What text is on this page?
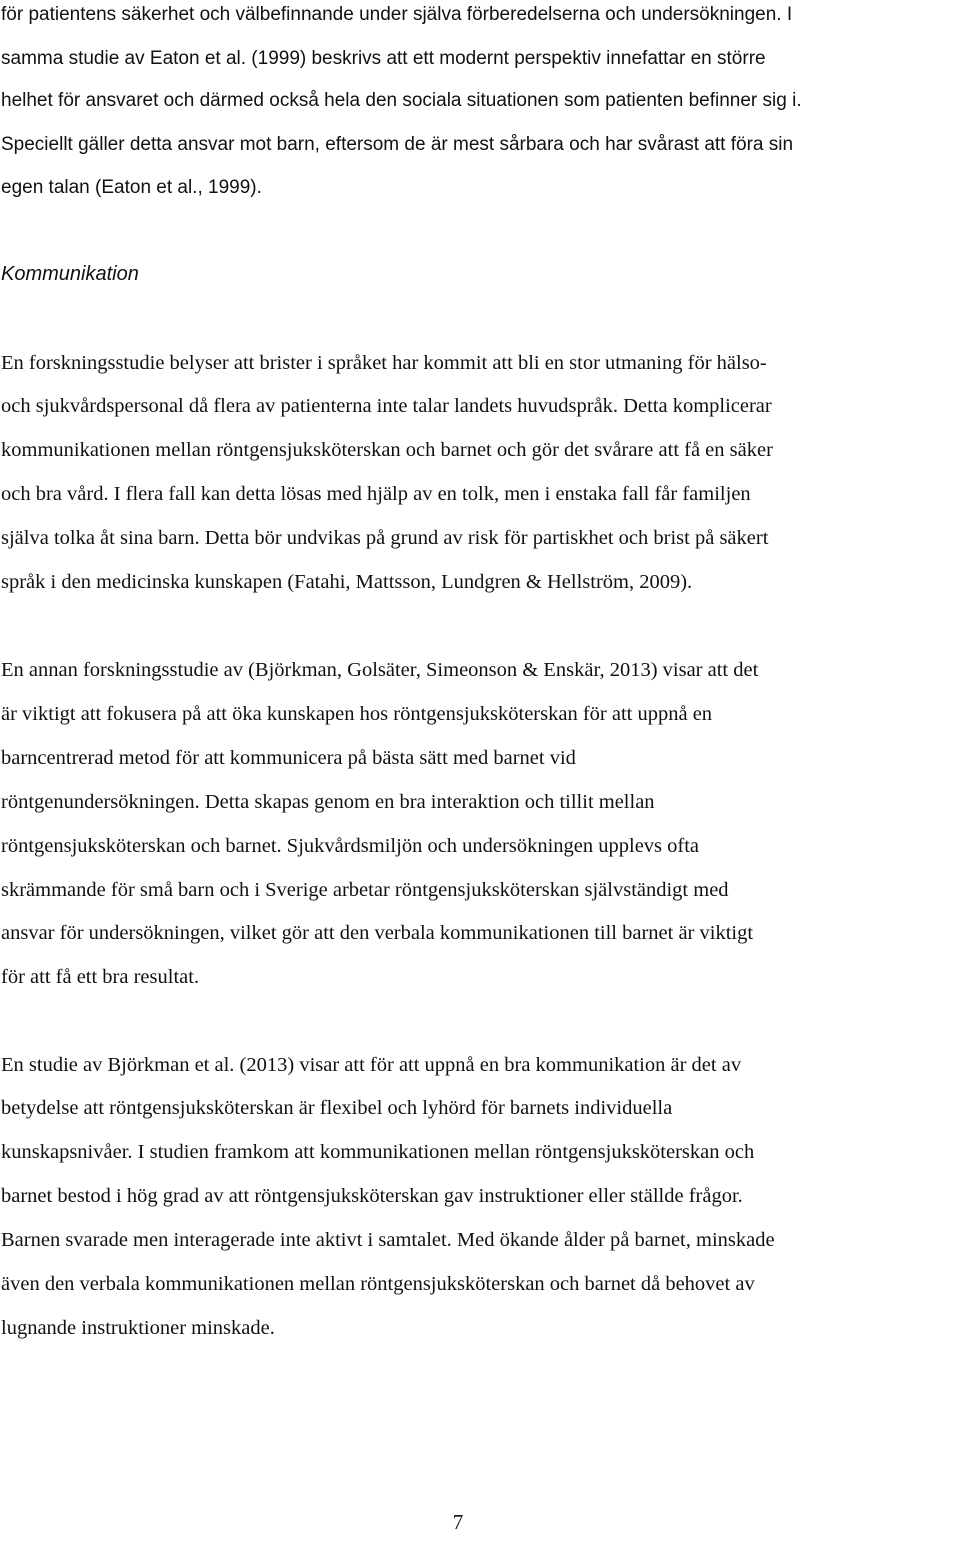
för patientens säkerhet och välbefinnande under själva förberedelserna och undersökningen. I

samma studie av Eaton et al. (1999) beskrivs att ett modernt perspektiv innefattar en större

helhet för ansvaret och därmed också hela den sociala situationen som patienten befinner sig i.

Speciellt gäller detta ansvar mot barn, eftersom de är mest sårbara och har svårast att föra sin

egen talan (Eaton et al., 1999).

Kommunikation

En forskningsstudie belyser att brister i språket har kommit att bli en stor utmaning för hälso-

och sjukvårdspersonal då flera av patienterna inte talar landets huvudspråk. Detta komplicerar

kommunikationen mellan röntgensjuksköterskan och barnet och gör det svårare att få en säker

och bra vård. I flera fall kan detta lösas med hjälp av en tolk, men i enstaka fall får familjen

själva tolka åt sina barn. Detta bör undvikas på grund av risk för partiskhet och brist på säkert

språk i den medicinska kunskapen (Fatahi, Mattsson, Lundgren & Hellström, 2009).

En annan forskningsstudie av (Björkman, Golsäter, Simeonson & Enskär, 2013) visar att det

är viktigt att fokusera på att öka kunskapen hos röntgensjuksköterskan för att uppnå en

barncentrerad metod för att kommunicera på bästa sätt med barnet vid

röntgenundersökningen. Detta skapas genom en bra interaktion och tillit mellan

röntgensjuksköterskan och barnet. Sjukvårdsmiljön och undersökningen upplevs ofta

skrämmande för små barn och i Sverige arbetar röntgensjuksköterskan självständigt med

ansvar för undersökningen, vilket gör att den verbala kommunikationen till barnet är viktigt

för att få ett bra resultat.

En studie av Björkman et al. (2013) visar att för att uppnå en bra kommunikation är det av

betydelse att röntgensjuksköterskan är flexibel och lyhörd för barnets individuella

kunskapsnivåer. I studien framkom att kommunikationen mellan röntgensjuksköterskan och

barnet bestod i hög grad av att röntgensjuksköterskan gav instruktioner eller ställde frågor.

Barnen svarade men interagerade inte aktivt i samtalet. Med ökande ålder på barnet, minskade

även den verbala kommunikationen mellan röntgensjuksköterskan och barnet då behovet av

lugnande instruktioner minskade.

7
